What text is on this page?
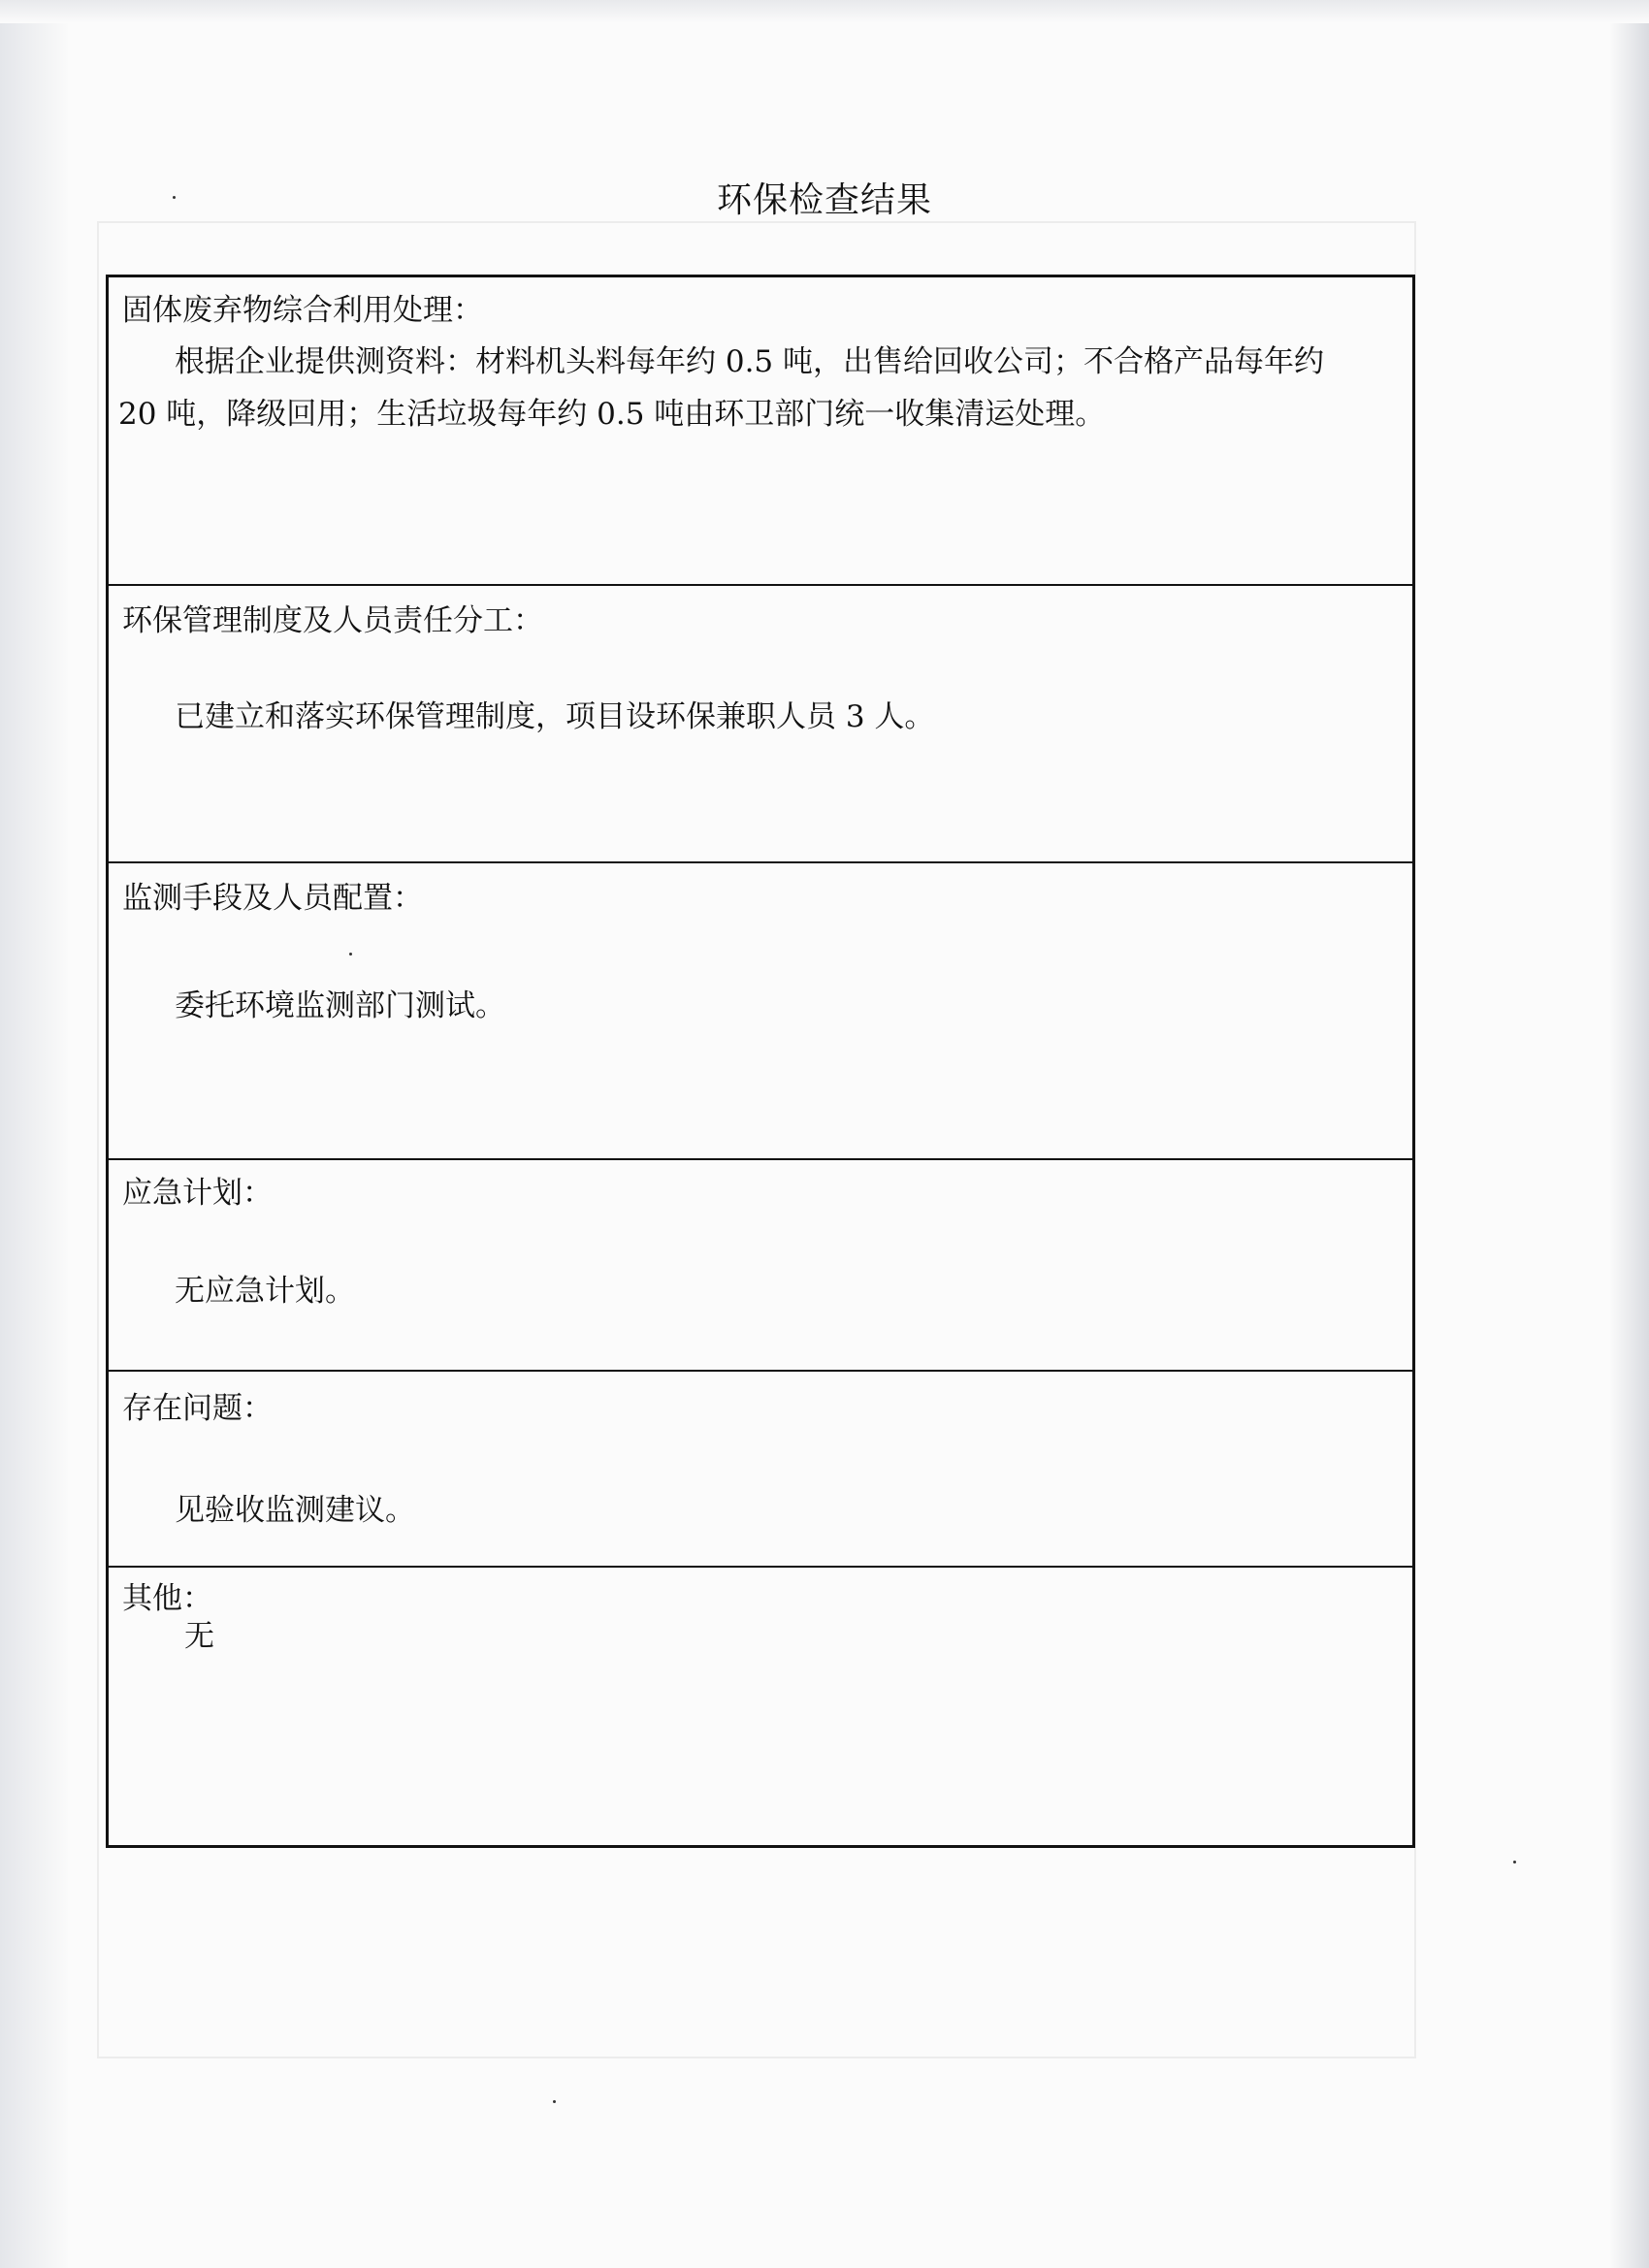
环保检查结果
固体废弃物综合利用处理：
根据企业提供测资料：材料机头料每年约 0.5 吨，出售给回收公司；不合格产品每年约
20 吨，降级回用；生活垃圾每年约 0.5 吨由环卫部门统一收集清运处理。
环保管理制度及人员责任分工：
已建立和落实环保管理制度，项目设环保兼职人员 3 人。
监测手段及人员配置：
委托环境监测部门测试。
应急计划：
无应急计划。
存在问题：
见验收监测建议。
其他：
无
